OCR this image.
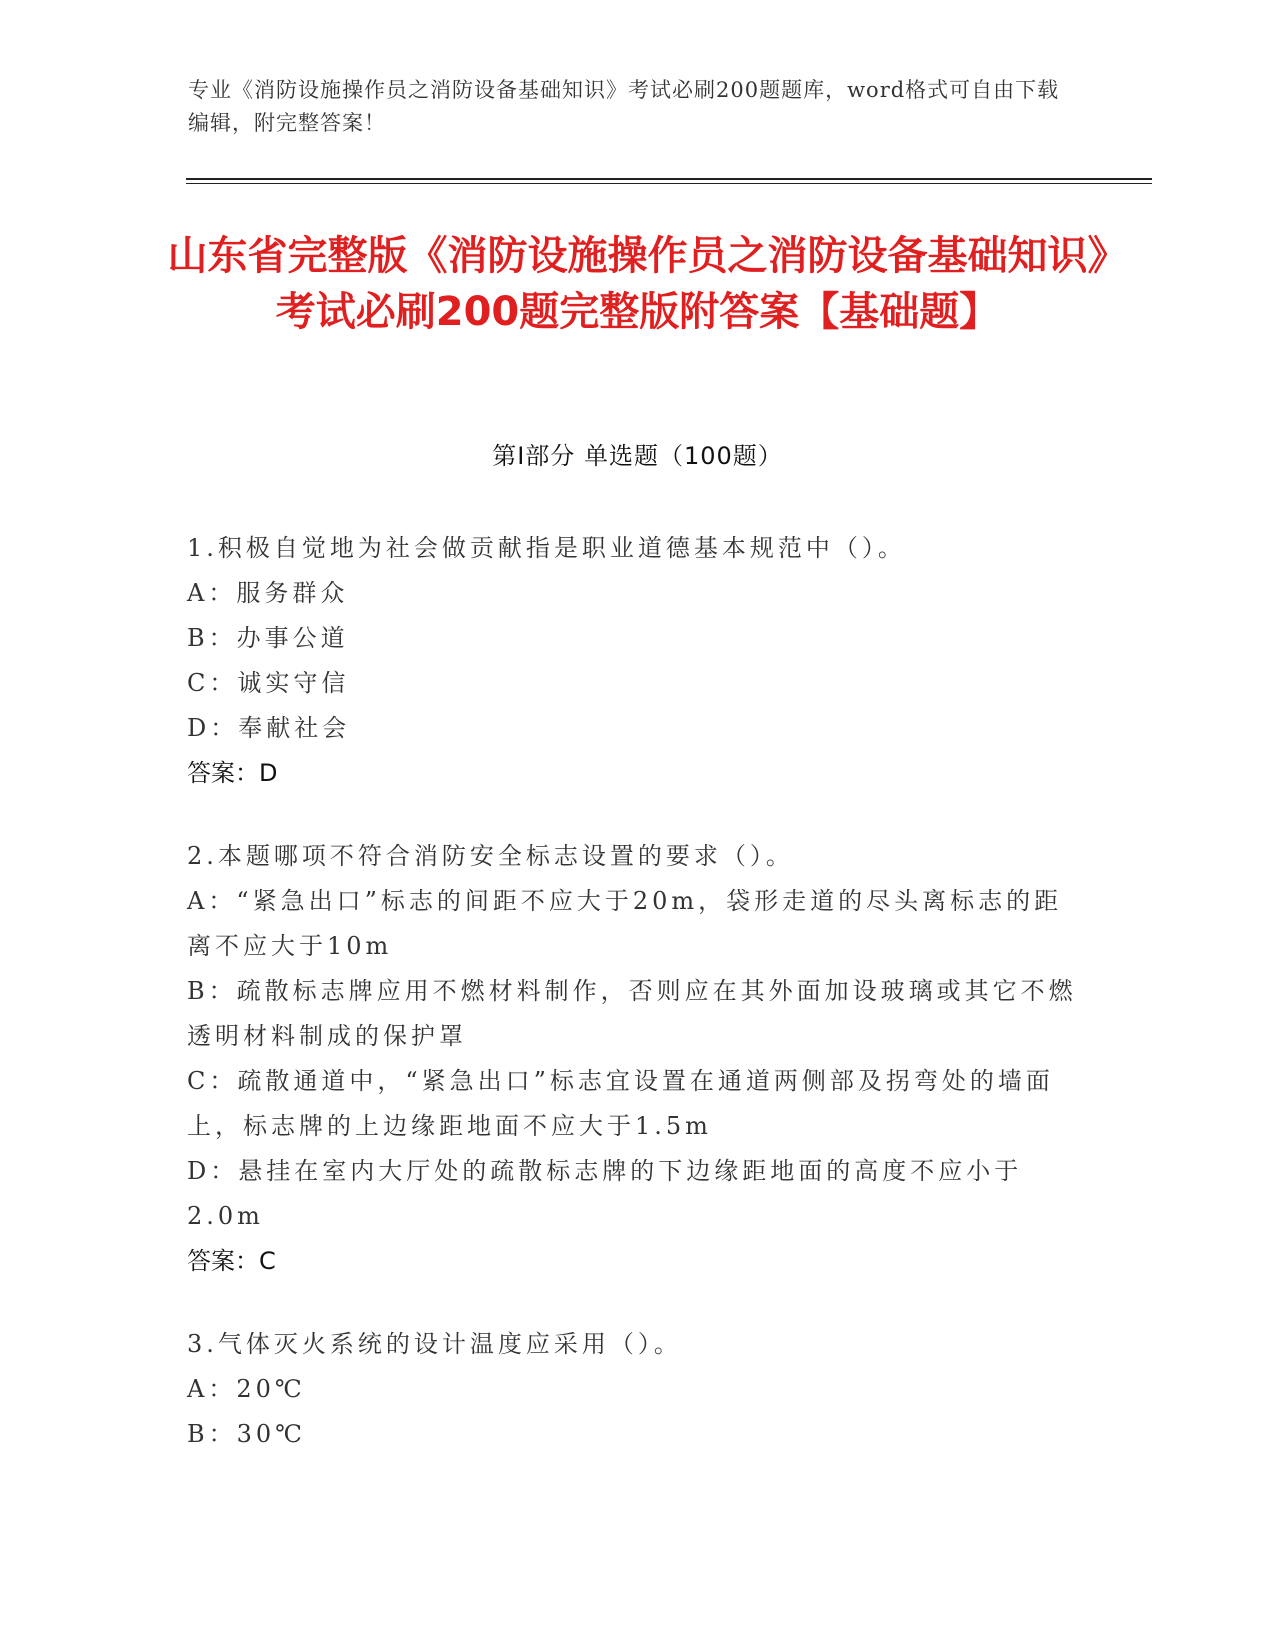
专业《消防设施操作员之消防设备基础知识》考试必刷200题题库，word格式可自由下载编辑，附完整答案！
山东省完整版《消防设施操作员之消防设备基础知识》考试必刷200题完整版附答案【基础题】
第I部分 单选题（100题）
1.积极自觉地为社会做贡献指是职业道德基本规范中（）。
A：服务群众
B：办事公道
C：诚实守信
D：奉献社会
答案：D
2.本题哪项不符合消防安全标志设置的要求（）。
A：“紧急出口”标志的间距不应大于20m，袋形走道的尽头离标志的距离不应大于10m
B：疏散标志牌应用不燃材料制作，否则应在其外面加设玻璃或其它不燃透明材料制成的保护罩
C：疏散通道中，“紧急出口”标志宜设置在通道两侧部及拐弯处的墙面上，标志牌的上边缘距地面不应大于1.5m
D：悬挂在室内大厅处的疏散标志牌的下边缘距地面的高度不应小于2.0m
答案：C
3.气体灭火系统的设计温度应采用（）。
A：20℃
B：30℃
